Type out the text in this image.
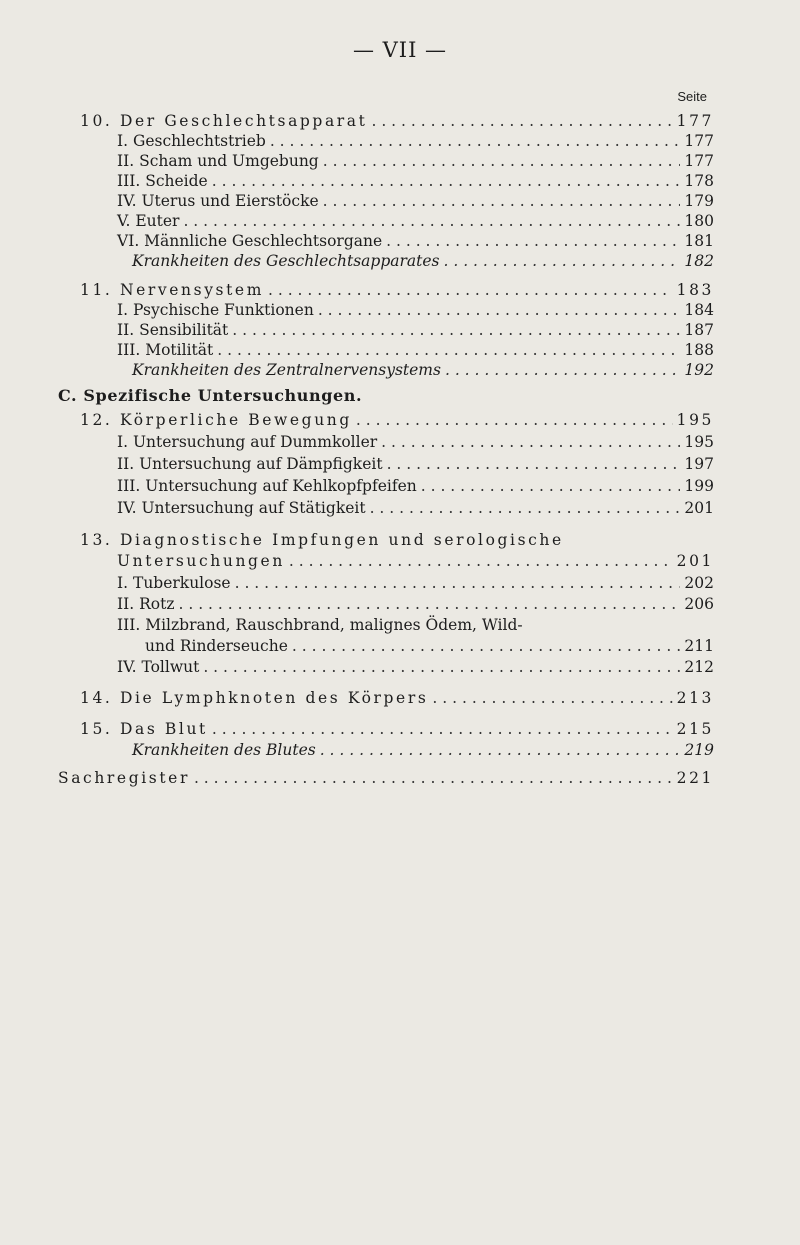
— VII —
Seite
10. Der Geschlechtsapparat . . .	177
I. Geschlechtstrieb . . .	177
II. Scham und Umgebung . . .	177
III. Scheide . . .	178
IV. Uterus und Eierstöcke . . .	179
V. Euter . . .	180
VI. Männliche Geschlechtsorgane . . .	181
Krankheiten des Geschlechtsapparates . . .	182
11. Nervensystem . . .	183
I. Psychische Funktionen . . .	184
II. Sensibilität . . .	187
III. Motilität . . .	188
Krankheiten des Zentralnervensystems . . .	192
C. Spezifische Untersuchungen.
12. Körperliche Bewegung . . .	195
I. Untersuchung auf Dummkoller . . .	195
II. Untersuchung auf Dämpfigkeit . . .	197
III. Untersuchung auf Kehlkopfpfeifen . . .	199
IV. Untersuchung auf Stätigkeit . . .	201
13. Diagnostische Impfungen und serologische
Untersuchungen . . .	201
I. Tuberkulose . . .	202
II. Rotz . . .	206
III. Milzbrand, Rauschbrand, malignes Ödem, Wild-
und Rinderseuche . . .	211
IV. Tollwut . . .	212
14. Die Lymphknoten des Körpers . . .	213
15. Das Blut . . .	215
Krankheiten des Blutes . . .	219
Sachregister . . .	221
